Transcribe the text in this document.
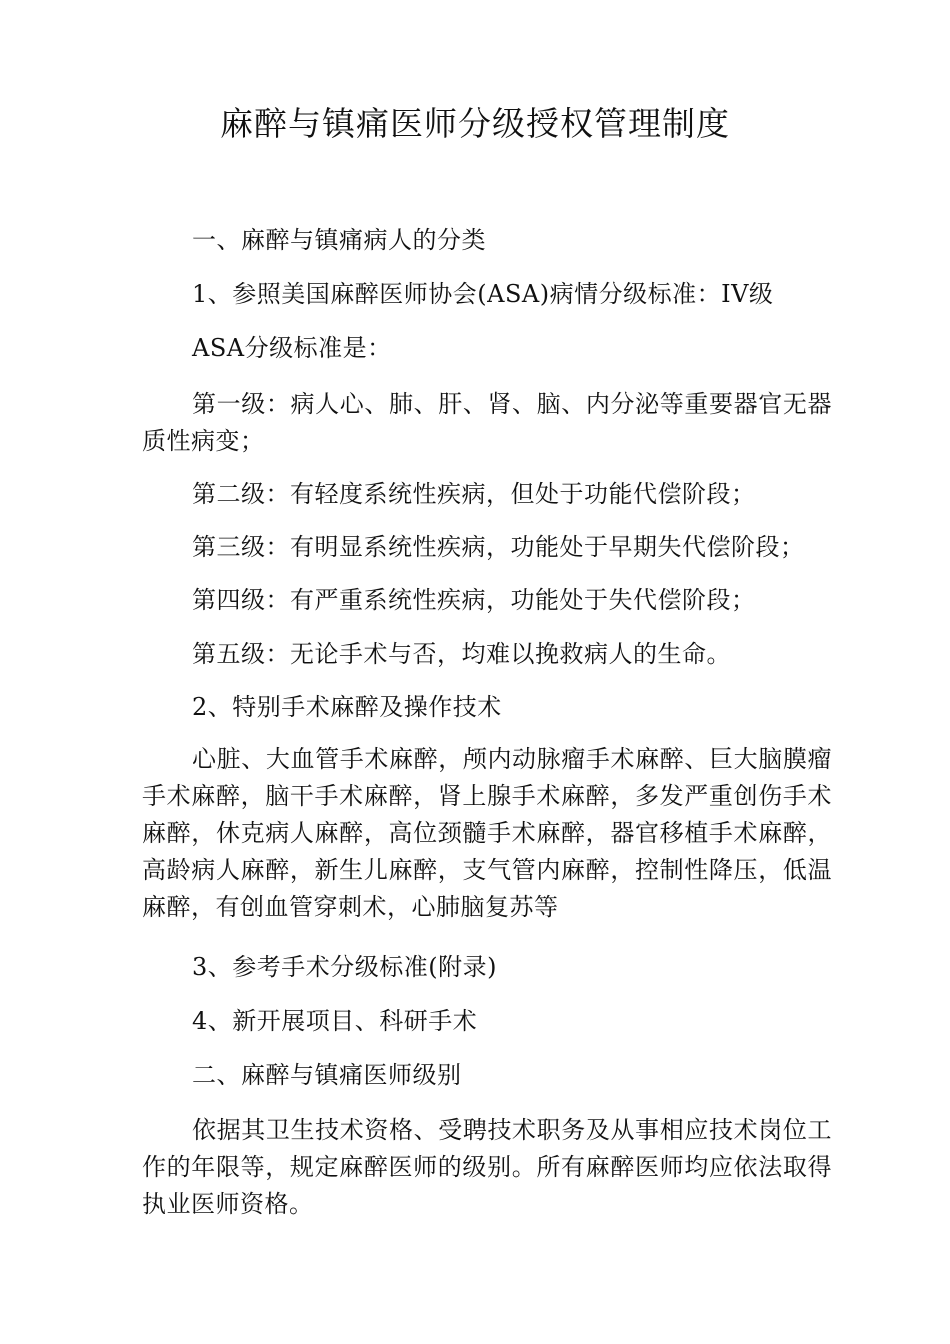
麻醉与镇痛医师分级授权管理制度

一、麻醉与镇痛病人的分类

1、参照美国麻醉医师协会(ASA)病情分级标准：IV级

ASA分级标准是：

第一级：病人心、肺、肝、肾、脑、内分泌等重要器官无器质性病变；

第二级：有轻度系统性疾病，但处于功能代偿阶段；

第三级：有明显系统性疾病，功能处于早期失代偿阶段；

第四级：有严重系统性疾病，功能处于失代偿阶段；

第五级：无论手术与否，均难以挽救病人的生命。

2、特别手术麻醉及操作技术

心脏、大血管手术麻醉，颅内动脉瘤手术麻醉、巨大脑膜瘤手术麻醉，脑干手术麻醉，肾上腺手术麻醉，多发严重创伤手术麻醉，休克病人麻醉，高位颈髓手术麻醉，器官移植手术麻醉，高龄病人麻醉，新生儿麻醉，支气管内麻醉，控制性降压，低温麻醉，有创血管穿刺术，心肺脑复苏等

3、参考手术分级标准(附录)

4、新开展项目、科研手术

二、麻醉与镇痛医师级别

依据其卫生技术资格、受聘技术职务及从事相应技术岗位工作的年限等，规定麻醉医师的级别。所有麻醉医师均应依法取得执业医师资格。
